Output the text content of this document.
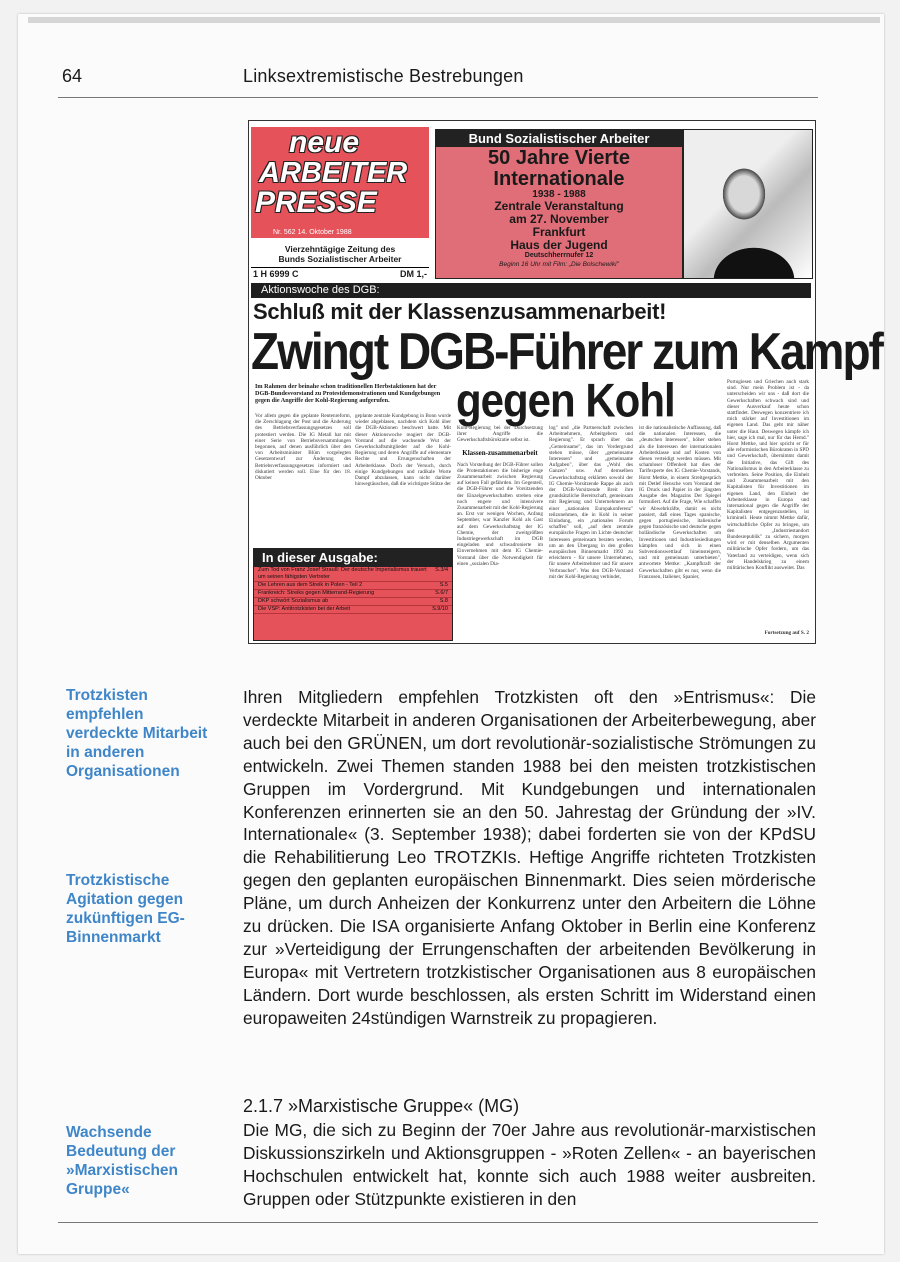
64	Linksextremistische Bestrebungen
neue
ARBEITER
PRESSE
Nr. 562 14. Oktober 1988
Vierzehntägige Zeitung des
Bunds Sozialistischer Arbeiter
1 H 6999 C	DM 1,-
Bund Sozialistischer Arbeiter
50 Jahre Vierte
Internationale
1938 - 1988
Zentrale Veranstaltung
am 27. November
Frankfurt
Haus der Jugend
Deutschherrnufer 12
Beginn 16 Uhr mit Film: „Die Bolschewiki"
Aktionswoche des DGB:
Schluß mit der Klassenzusammenarbeit!
Zwingt DGB-Führer zum Kampf
gegen Kohl
Im Rahmen der beinahe schon traditionellen Herbstaktionen hat der DGB-Bundesvorstand zu Protestdemonstrationen und Kundgebungen gegen die Angriffe der Kohl-Regierung aufgerufen.
Vor allem gegen die geplante Rentenreform, die Zerschlagung der Post und die Änderung des Betriebsverfassungsgesetzes soll protestiert werden. Die IG Metall hat mit einer Serie von Betriebsversammlungen begonnen, auf denen ausführlich über den von Arbeitsminister Blüm vorgelegten Gesetzentwurf zur Änderung des Betriebsverfassungsgesetzes informiert und diskutiert werden soll. Eine für den 18. Oktober
geplante zentrale Kundgebung in Bonn wurde wieder abgeblasen, nachdem sich Kohl über die DGB-Aktionen beschwert hatte. Mit dieser Aktionswoche reagiert der DGB-Vorstand auf die wachsende Wut der Gewerkschaftsmitglieder auf die Kohl-Regierung und deren Angriffe auf elementare Rechte und Errungenschaften der Arbeiterklasse. Doch der Versuch, durch einige Kundgebungen und radikale Worte Dampf abzulassen, kann nicht darüber hinwegtäuschen, daß die wichtigste Stütze der
Kohl-Regierung bei der Durchsetzung ihrer Angriffe die Gewerkschaftsbürokratie selbst ist.
Klassen-zusammenarbeit
Nach Vorstellung der DGB-Führer sollen die Protestaktionen die bisherige enge Zusammenarbeit zwischen Regierung auf keinen Fall gefährden. Im Gegenteil, die DGB-Führer und die Vorsitzenden der Einzelgewerkschaften streben eine noch engere und intensivere Zusammenarbeit mit der Kohl-Regierung an. Erst vor wenigen Wochen, Anfang September, war Kanzler Kohl als Gast auf dem Gewerkschaftstag der IG Chemie, der zweitgrößten Industriegewerkschaft im DGB eingeladen und schwadronierte im Einvernehmen mit dem IG Chemie-Vorstand über die Notwendigkeit für einen „sozialen Dia-
log" und „die Partnerschaft zwischen Arbeitnehmern, Arbeitgebern und Regierung". Er sprach über das „Gemeinsame", das im Vordergrund stehen müsse, über „gemeinsame Interessen" und „gemeinsame Aufgaben", über das „Wohl des Ganzen" usw. Auf demselben Gewerkschaftstag erklärten sowohl der IG Chemie-Vorsitzende Rappe als auch der DGB-Vorsitzende Breit ihre grundsätzliche Bereitschaft, gemeinsam mit Regierung und Unternehmern an einer „nationalen Europakonferenz" teilzunehmen, die in Kohl in seiner Einladung, ein „nationales Forum schaffen" soll, „auf dem zentrale europäische Fragen im Lichte deutscher Interessen gemeinsam beraten werden, um an den Übergang in den großen europäischen Binnenmarkt 1992 zu erleichtern - für unsere Unternehmen, für unsere Arbeitnehmer und für unsere Verbraucher". Was den DGB-Vorstand mit der Kohl-Regierung verbindet,
ist die nationalistische Auffassung, daß die nationalen Interessen, die „deutschen Interessen", höher stehen als die Interessen der internationalen Arbeiterklasse und auf Kosten von diesen verteidigt werden müssen. Mit schamloser Offenheit hat dies der Tarifexperte des IG Chemie-Vorstands, Horst Mettke, in einem Streitgespräch mit Detlef Hensche vom Vorstand der IG Druck und Papier in der jüngsten Ausgabe des Magazins Der Spiegel formuliert. Auf die Frage, Wie schaffen wir Abwehrkräfte, damit es nicht passiert, daß eines Tages spanische, gegen portugiesische, italienische gegen französische und deutsche gegen holländische Gewerkschaften um Investitionen und Industriesiedlungen kämpfen und sich in einen Subventionswettlauf hineinsteigern, und mit gemeinsam unterbieten", antwortete Mettke: „Kampfkraft der Gewerkschaften gibt es nur, wenn die Franzosen, Italiener, Spanier,
Portugiesen und Griechen auch stark sind. Nur mein Problem ist - da unterscheiden wir uns - daß dort die Gewerkschaften schwach sind und dieser Ausverkauf heute schon stattfindet. Deswegen konzentriere ich mich stärker auf Investitionen im eigenen Land. Das geht mir näher unter die Haut. Deswegen kämpfe ich hier, sage ich mal, nur für das Hemd." Horst Mettke, und hier spricht er für alle reformistischen Bürokraten in SPD und Gewerkschaft, übernimmt damit die Initiative, das Gift des Nationalismus in den Arbeiterklasse zu verbreiten. Seine Position, die Einheit und Zusammenarbeit mit den Kapitalisten für Investitionen im eigenen Land, den Einheit der Arbeiterklasse in Europa und international gegen die Angriffe der Kapitalisten entgegenzustellen, ist kriminell. Heute nimmt Mettke dafür, wirtschaftliche Opfer zu bringen, um den „Industriestandort Bundesrepublik" zu sichern, morgen wird er mit denselben Argumenten militärische Opfer fordern, um das Vaterland zu verteidigen, wenn sich der Handelskrieg zu einem militärischen Konflikt ausweitet. Das
Fortsetzung auf S. 2
In dieser Ausgabe:
Zum Tod von Franz Josef Strauß: Der deutsche Imperialismus trauert um seinen fähigsten Vertreter
S.3/4
Die Lehren aus dem Streik in Polen - Teil 2	S.5
Frankreich: Streiks gegen Mitterrand-Regierung	S.6/7
DKP schwört Sozialismus ab	S.8
Die VSP: Antitrotzkisten bei der Arbeit	S.9/10
Trotzkisten empfehlen verdeckte Mitarbeit in anderen Organisationen
Trotzkistische Agitation gegen zukünftigen EG-Binnenmarkt
Wachsende Bedeutung der »Marxistischen Gruppe«

Ihren Mitgliedern empfehlen Trotzkisten oft den »Entrismus«: Die verdeckte Mitarbeit in anderen Organisationen der Arbeiterbewegung, aber auch bei den GRÜNEN, um dort revolutionär-sozialistische Strömungen zu entwickeln. Zwei Themen standen 1988 bei den meisten trotzkistischen Gruppen im Vordergrund. Mit Kundgebungen und internationalen Konferenzen erinnerten sie an den 50. Jahrestag der Gründung der »IV. Internationale« (3. September 1938); dabei forderten sie von der KPdSU die Rehabilitierung Leo TROTZKIs. Heftige Angriffe richteten Trotzkisten gegen den geplanten europäischen Binnenmarkt. Dies seien mörderische Pläne, um durch Anheizen der Konkurrenz unter den Arbeitern die Löhne zu drücken. Die ISA organisierte Anfang Oktober in Berlin eine Konferenz zur »Verteidigung der Errungenschaften der arbeitenden Bevölkerung in Europa« mit Vertretern trotzkistischer Organisationen aus 8 europäischen Ländern. Dort wurde beschlossen, als ersten Schritt im Widerstand einen europaweiten 24stündigen Warnstreik zu propagieren.

2.1.7 »Marxistische Gruppe« (MG)

Die MG, die sich zu Beginn der 70er Jahre aus revolutionär-marxistischen Diskussionszirkeln und Aktionsgruppen - »Roten Zellen« - an bayerischen Hochschulen entwickelt hat, konnte sich auch 1988 weiter ausbreiten. Gruppen oder Stützpunkte existieren in den
